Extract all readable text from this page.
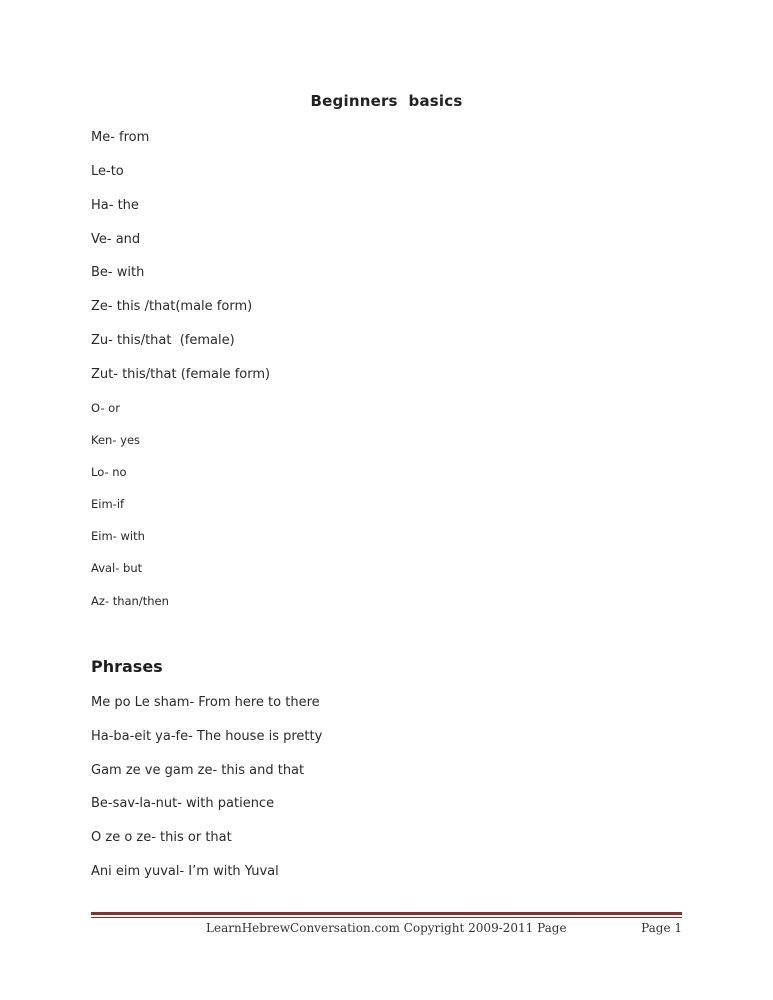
Beginners  basics
Me- from
Le-to
Ha- the
Ve- and
Be- with
Ze- this /that(male form)
Zu- this/that  (female)
Zut- this/that (female form)
O- or
Ken- yes
Lo- no
Eim-if
Eim- with
Aval- but
Az- than/then
Phrases
Me po Le sham- From here to there
Ha-ba-eit ya-fe- The house is pretty
Gam ze ve gam ze- this and that
Be-sav-la-nut- with patience
O ze o ze- this or that
Ani eim yuval- I’m with Yuval
LearnHebrewConversation.com Copyright 2009-2011 Page	Page 1
